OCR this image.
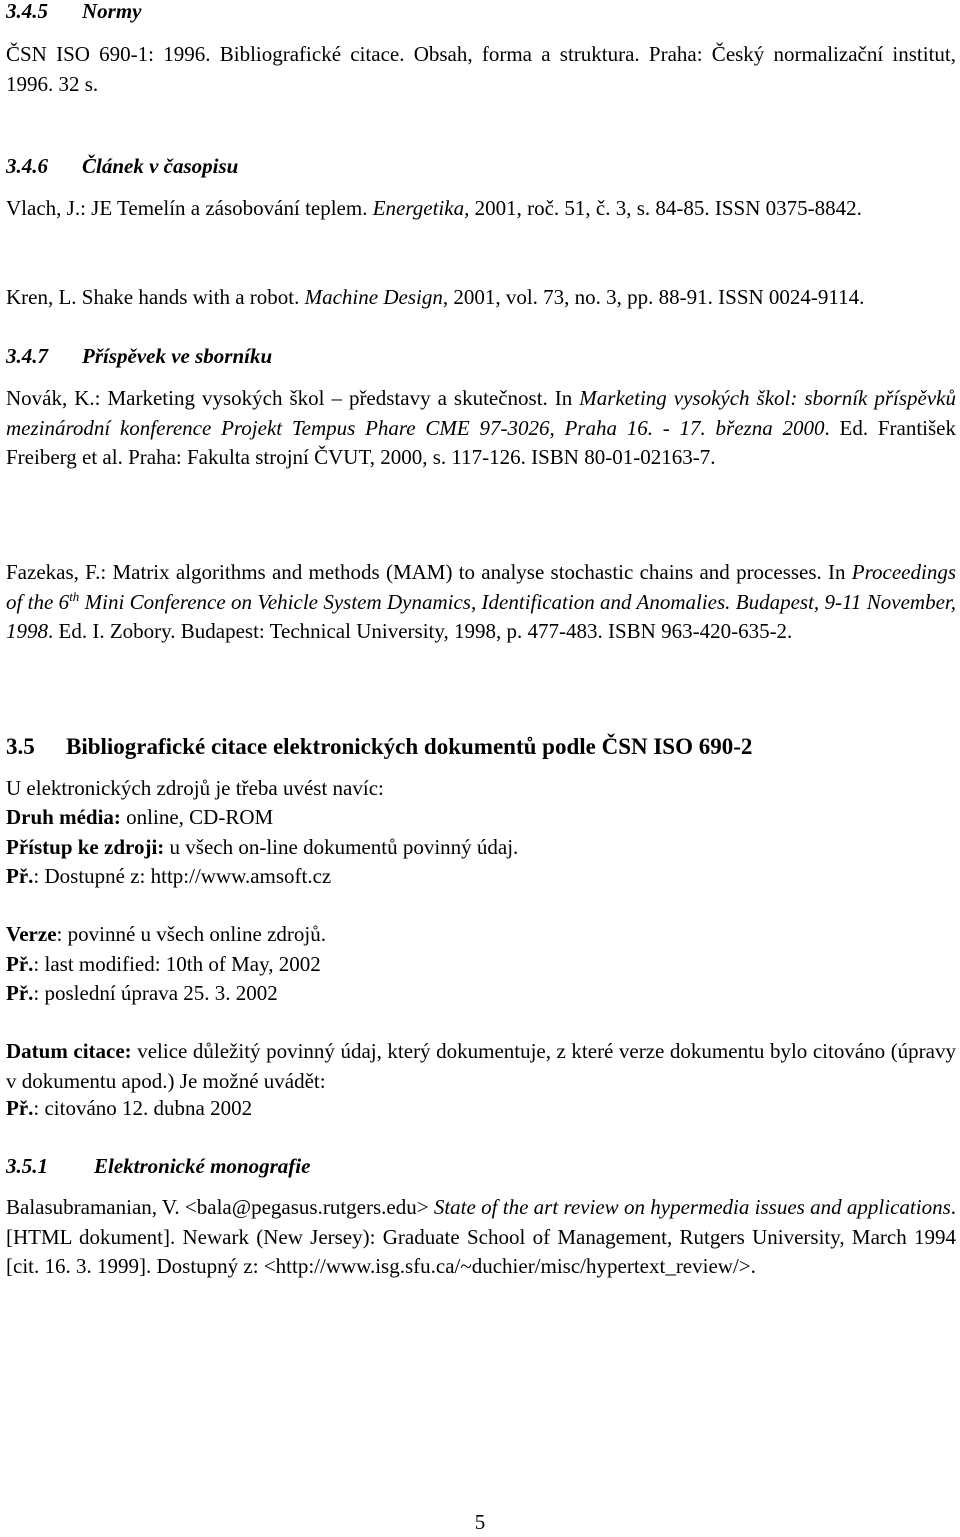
3.4.5 Normy

ČSN ISO 690-1: 1996. Bibliografické citace. Obsah, forma a struktura. Praha: Český normalizační institut, 1996. 32 s.

3.4.6 Článek v časopisu

Vlach, J.: JE Temelín a zásobování teplem. Energetika, 2001, roč. 51, č. 3, s. 84-85. ISSN 0375-8842.

Kren, L. Shake hands with a robot. Machine Design, 2001, vol. 73, no. 3, pp. 88-91. ISSN 0024-9114.

3.4.7 Příspěvek ve sborníku

Novák, K.: Marketing vysokých škol – představy a skutečnost. In Marketing vysokých škol: sborník příspěvků mezinárodní konference Projekt Tempus Phare CME 97-3026, Praha 16. - 17. března 2000. Ed. František Freiberg et al. Praha: Fakulta strojní ČVUT, 2000, s. 117-126. ISBN 80-01-02163-7.

Fazekas, F.: Matrix algorithms and methods (MAM) to analyse stochastic chains and processes. In Proceedings of the 6th Mini Conference on Vehicle System Dynamics, Identification and Anomalies. Budapest, 9-11 November, 1998. Ed. I. Zobory. Budapest: Technical University, 1998, p. 477-483. ISBN 963-420-635-2.

3.5 Bibliografické citace elektronických dokumentů podle ČSN ISO 690-2

U elektronických zdrojů je třeba uvést navíc:

Druh média: online, CD-ROM

Přístup ke zdroji: u všech on-line dokumentů povinný údaj.

Př.: Dostupné z: http://www.amsoft.cz

Verze: povinné u všech online zdrojů.

Př.: last modified: 10th of May, 2002

Př.: poslední úprava 25. 3. 2002

Datum citace: velice důležitý povinný údaj, který dokumentuje, z které verze dokumentu bylo citováno (úpravy v dokumentu apod.) Je možné uvádět:

Př.: citováno 12. dubna 2002

3.5.1 Elektronické monografie

Balasubramanian, V. <bala@pegasus.rutgers.edu> State of the art review on hypermedia issues and applications. [HTML dokument]. Newark (New Jersey): Graduate School of Management, Rutgers University, March 1994 [cit. 16. 3. 1999]. Dostupný z: <http://www.isg.sfu.ca/~duchier/misc/hypertext_review/>.

5
